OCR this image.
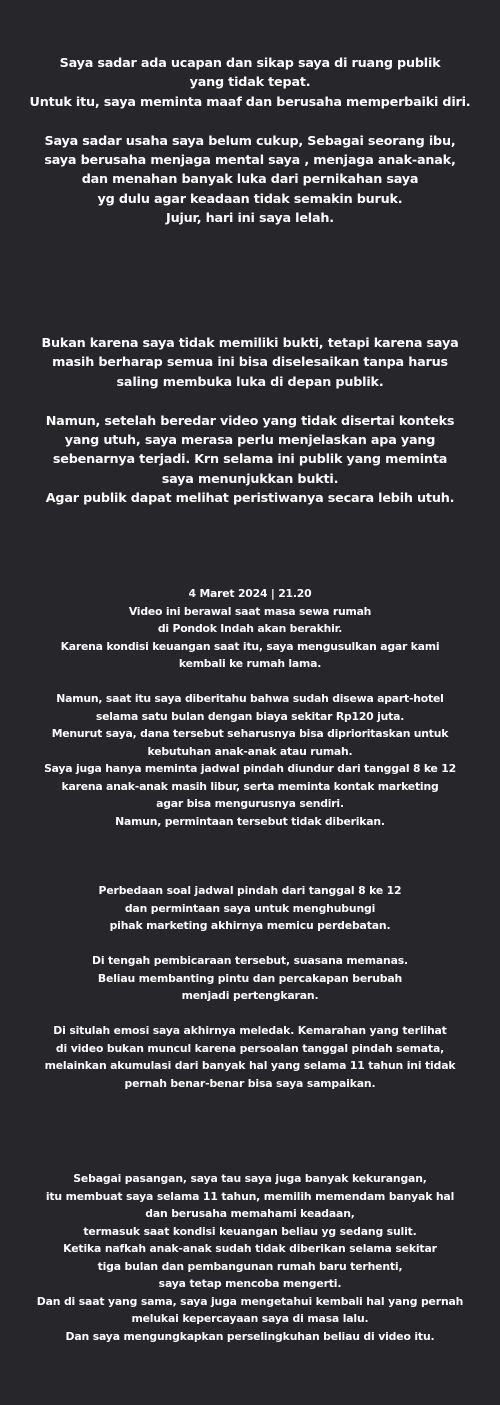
Saya sadar ada ucapan dan sikap saya di ruang publik
yang tidak tepat.
Untuk itu, saya meminta maaf dan berusaha memperbaiki diri.
Saya sadar usaha saya belum cukup, Sebagai seorang ibu,
saya berusaha menjaga mental saya , menjaga anak-anak,
dan menahan banyak luka dari pernikahan saya
yg dulu agar keadaan tidak semakin buruk.
Jujur, hari ini saya lelah.
Bukan karena saya tidak memiliki bukti, tetapi karena saya
masih berharap semua ini bisa diselesaikan tanpa harus
saling membuka luka di depan publik.
Namun, setelah beredar video yang tidak disertai konteks
yang utuh, saya merasa perlu menjelaskan apa yang
sebenarnya terjadi. Krn selama ini publik yang meminta
saya menunjukkan bukti.
Agar publik dapat melihat peristiwanya secara lebih utuh.
4 Maret 2024 | 21.20
Video ini berawal saat masa sewa rumah
di Pondok Indah akan berakhir.
Karena kondisi keuangan saat itu, saya mengusulkan agar kami
kembali ke rumah lama.
Namun, saat itu saya diberitahu bahwa sudah disewa apart-hotel
selama satu bulan dengan biaya sekitar Rp120 juta.
Menurut saya, dana tersebut seharusnya bisa diprioritaskan untuk
kebutuhan anak-anak atau rumah.
Saya juga hanya meminta jadwal pindah diundur dari tanggal 8 ke 12
karena anak-anak masih libur, serta meminta kontak marketing
agar bisa mengurusnya sendiri.
Namun, permintaan tersebut tidak diberikan.
Perbedaan soal jadwal pindah dari tanggal 8 ke 12
dan permintaan saya untuk menghubungi
pihak marketing akhirnya memicu perdebatan.
Di tengah pembicaraan tersebut, suasana memanas.
Beliau membanting pintu dan percakapan berubah
menjadi pertengkaran.
Di situlah emosi saya akhirnya meledak. Kemarahan yang terlihat
di video bukan muncul karena persoalan tanggal pindah semata,
melainkan akumulasi dari banyak hal yang selama 11 tahun ini tidak
pernah benar-benar bisa saya sampaikan.
Sebagai pasangan, saya tau saya juga banyak kekurangan,
itu membuat saya selama 11 tahun, memilih memendam banyak hal
dan berusaha memahami keadaan,
termasuk saat kondisi keuangan beliau yg sedang sulit.
Ketika nafkah anak-anak sudah tidak diberikan selama sekitar
tiga bulan dan pembangunan rumah baru terhenti,
saya tetap mencoba mengerti.
Dan di saat yang sama, saya juga mengetahui kembali hal yang pernah
melukai kepercayaan saya di masa lalu.
Dan saya mengungkapkan perselingkuhan beliau di video itu.
